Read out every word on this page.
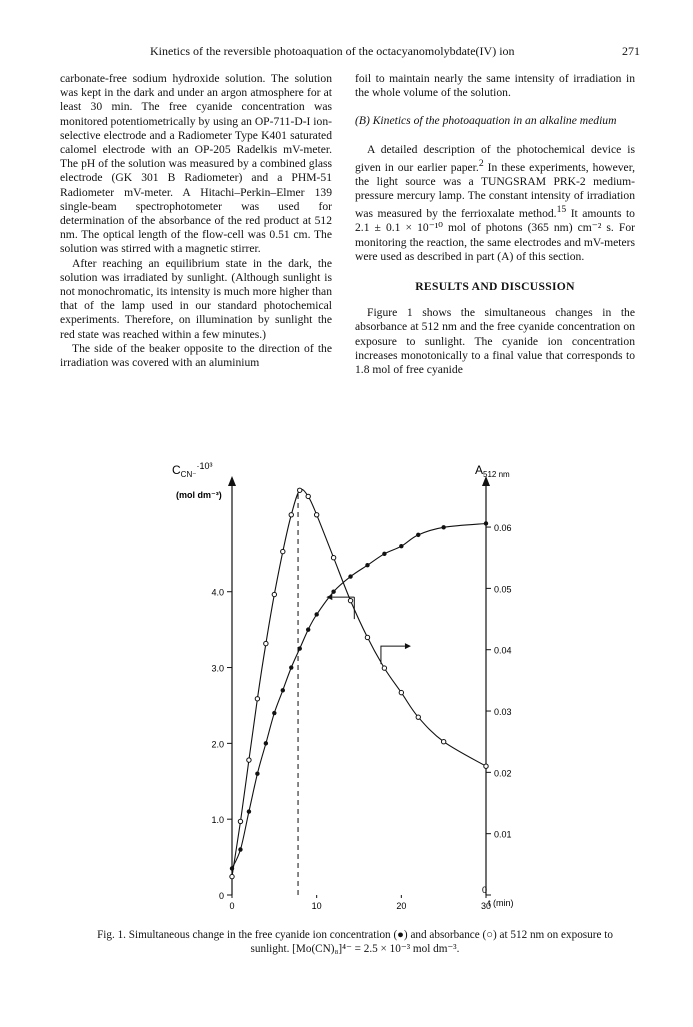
Kinetics of the reversible photoaquation of the octacyanomolybdate(IV) ion	271

carbonate-free sodium hydroxide solution. The solution was kept in the dark and under an argon atmosphere for at least 30 min. The free cyanide concentration was monitored potentiometrically by using an OP-711-D-I ion-selective electrode and a Radiometer Type K401 saturated calomel electrode with an OP-205 Radelkis mV-meter. The pH of the solution was measured by a combined glass electrode (GK 301 B Radiometer) and a PHM-51 Radiometer mV-meter. A Hitachi–Perkin–Elmer 139 single-beam spectrophotometer was used for determination of the absorbance of the red product at 512 nm. The optical length of the flow-cell was 0.51 cm. The solution was stirred with a magnetic stirrer.

After reaching an equilibrium state in the dark, the solution was irradiated by sunlight. (Although sunlight is not monochromatic, its intensity is much more higher than that of the lamp used in our standard photochemical experiments. Therefore, on illumination by sunlight the red state was reached within a few minutes.)

The side of the beaker opposite to the direction of the irradiation was covered with an aluminium

foil to maintain nearly the same intensity of irradiation in the whole volume of the solution.

(B) Kinetics of the photoaquation in an alkaline medium

A detailed description of the photochemical device is given in our earlier paper.$^2$ In these experiments, however, the light source was a TUNGSRAM PRK-2 medium-pressure mercury lamp. The constant intensity of irradiation was measured by the ferrioxalate method.$^{15}$ It amounts to 2.1 ± 0.1 × 10⁻¹⁰ mol of photons (365 nm) cm⁻² s. For monitoring the reaction, the same electrodes and mV-meters were used as described in part (A) of this section.

RESULTS AND DISCUSSION

Figure 1 shows the simultaneous changes in the absorbance at 512 nm and the free cyanide concentration on exposure to sunlight. The cyanide ion concentration increases monotonically to a final value that corresponds to 1.8 mol of free cyanide

0
1.0
2.0
3.0
4.0
0.01
0.02
0.03
0.04
0.05
0.06
0
0	10	20	30
$C_{CN^-}^{\cdot 10^3}$
(mol dm⁻³)
$A_{512 nm}$
t (min)
Fig. 1. Simultaneous change in the free cyanide ion concentration (●) and absorbance (○) at 512 nm on exposure to sunlight. [Mo(CN)₈]⁴⁻ = 2.5 × 10⁻³ mol dm⁻³.
